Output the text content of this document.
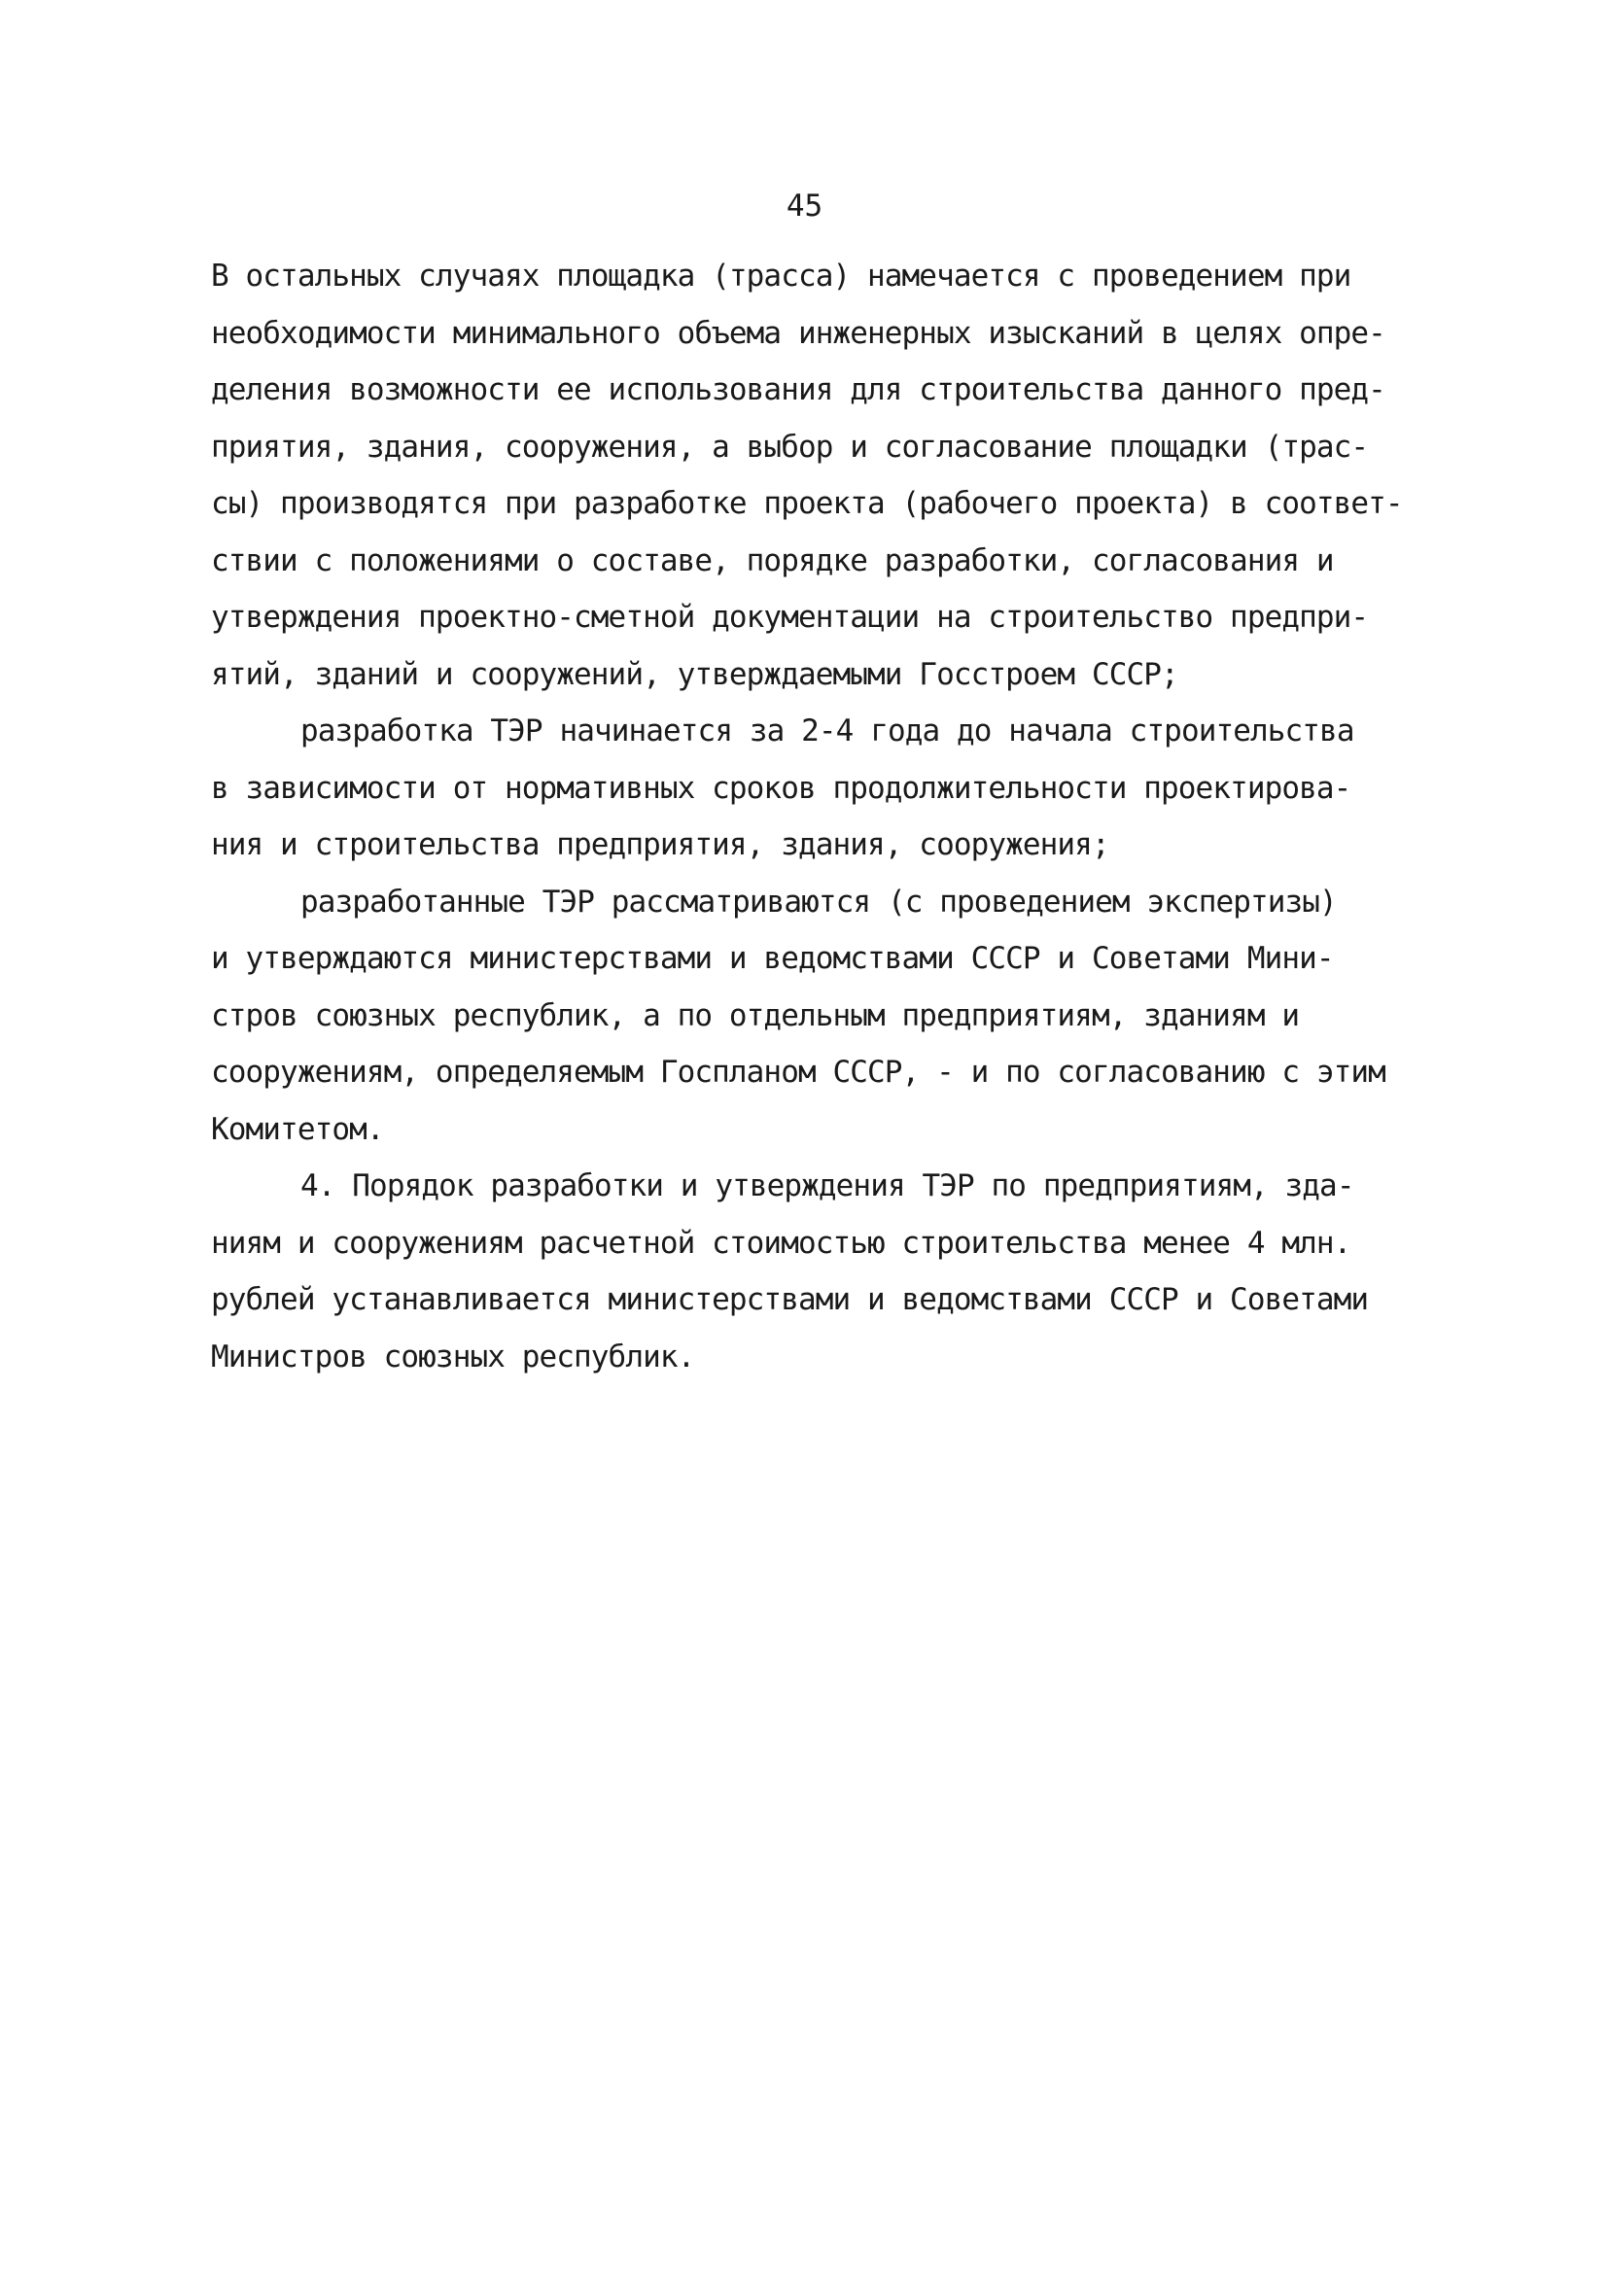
45
В остальных случаях площадка (трасса) намечается с проведением при
необходимости минимального объема инженерных изысканий в целях опре-
деления возможности ее использования для строительства данного пред-
приятия, здания, сооружения, а выбор и согласование площадки (трас-
сы) производятся при разработке проекта (рабочего проекта) в соответ-
ствии с положениями о составе, порядке разработки, согласования и
утверждения проектно-сметной документации на строительство предпри-
ятий, зданий и сооружений, утверждаемыми Госстроем СССР;
разработка ТЭР начинается за 2-4 года до начала строительства
в зависимости от нормативных сроков продолжительности проектирова-
ния и строительства предприятия, здания, сооружения;
разработанные ТЭР рассматриваются (с проведением экспертизы)
и утверждаются министерствами и ведомствами СССР и Советами Мини-
стров союзных республик, а по отдельным предприятиям, зданиям и
сооружениям, определяемым Госпланом СССР, - и по согласованию с этим
Комитетом.
4. Порядок разработки и утверждения ТЭР по предприятиям, зда-
ниям и сооружениям расчетной стоимостью строительства менее 4 млн.
рублей устанавливается министерствами и ведомствами СССР и Советами
Министров союзных республик.
